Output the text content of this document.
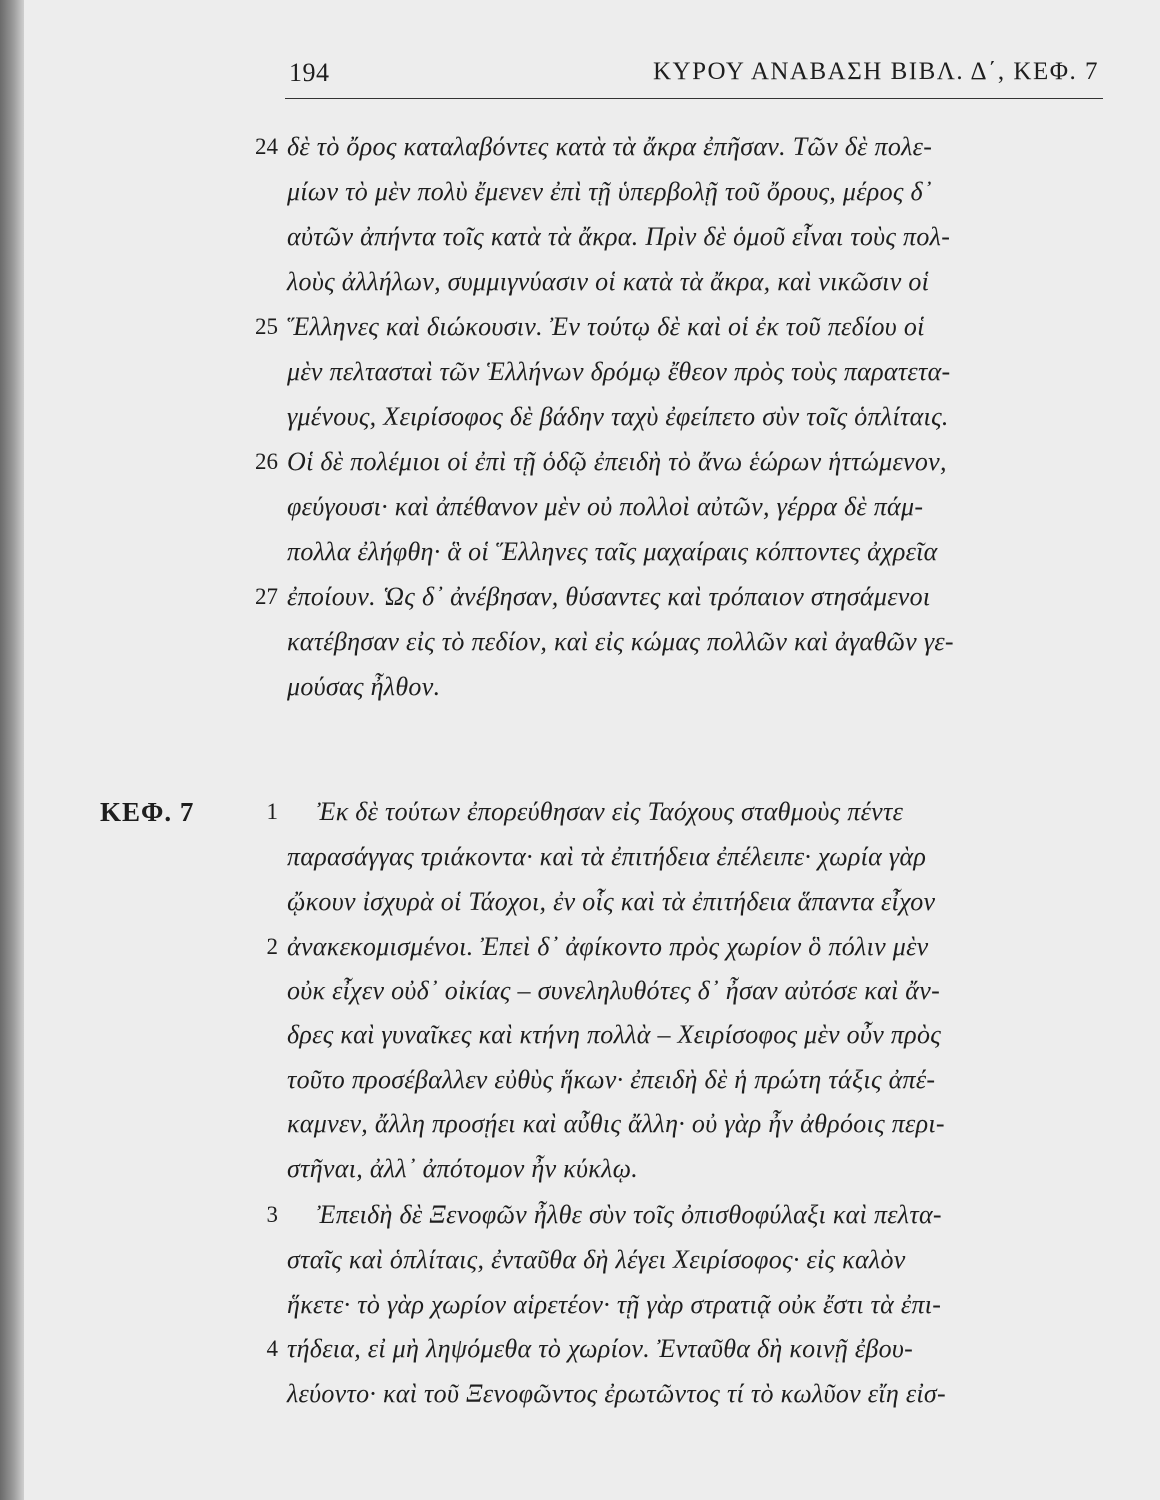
194	ΚΥΡΟΥ ΑΝΑΒΑΣΗ ΒΙΒΛ. Δ΄, ΚΕΦ. 7
ΚΕΦ. 7
24
25
26
27
1
2
3
4
δὲ τὸ ὄρος καταλαβόντες κατὰ τὰ ἄκρα ἐπῆσαν. Τῶν δὲ πολε-
μίων τὸ μὲν πολὺ ἔμενεν ἐπὶ τῇ ὑπερβολῇ τοῦ ὄρους, μέρος δ᾽
αὐτῶν ἀπήντα τοῖς κατὰ τὰ ἄκρα. Πρὶν δὲ ὁμοῦ εἶναι τοὺς πολ-
λοὺς ἀλλήλων, συμμιγνύασιν οἱ κατὰ τὰ ἄκρα, καὶ νικῶσιν οἱ
Ἕλληνες καὶ διώκουσιν. Ἐν τούτῳ δὲ καὶ οἱ ἐκ τοῦ πεδίου οἱ
μὲν πελτασταὶ τῶν Ἑλλήνων δρόμῳ ἔθεον πρὸς τοὺς παρατετα-
γμένους, Χειρίσοφος δὲ βάδην ταχὺ ἐφείπετο σὺν τοῖς ὁπλίταις.
Οἱ δὲ πολέμιοι οἱ ἐπὶ τῇ ὁδῷ ἐπειδὴ τὸ ἄνω ἑώρων ἡττώμενον,
φεύγουσι· καὶ ἀπέθανον μὲν οὐ πολλοὶ αὐτῶν, γέρρα δὲ πάμ-
πολλα ἐλήφθη· ἃ οἱ Ἕλληνες ταῖς μαχαίραις κόπτοντες ἀχρεῖα
ἐποίουν. Ὡς δ᾽ ἀνέβησαν, θύσαντες καὶ τρόπαιον στησάμενοι
κατέβησαν εἰς τὸ πεδίον, καὶ εἰς κώμας πολλῶν καὶ ἀγαθῶν γε-
μούσας ἦλθον.
Ἐκ δὲ τούτων ἐπορεύθησαν εἰς Ταόχους σταθμοὺς πέντε
παρασάγγας τριάκοντα· καὶ τὰ ἐπιτήδεια ἐπέλειπε· χωρία γὰρ
ᾤκουν ἰσχυρὰ οἱ Τάοχοι, ἐν οἷς καὶ τὰ ἐπιτήδεια ἅπαντα εἶχον
ἀνακεκομισμένοι. Ἐπεὶ δ᾽ ἀφίκοντο πρὸς χωρίον ὃ πόλιν μὲν
οὐκ εἶχεν οὐδ᾽ οἰκίας – συνεληλυθότες δ᾽ ἦσαν αὐτόσε καὶ ἄν-
δρες καὶ γυναῖκες καὶ κτήνη πολλὰ – Χειρίσοφος μὲν οὖν πρὸς
τοῦτο προσέβαλλεν εὐθὺς ἥκων· ἐπειδὴ δὲ ἡ πρώτη τάξις ἀπέ-
καμνεν, ἄλλη προσῄει καὶ αὖθις ἄλλη· οὐ γὰρ ἦν ἀθρόοις περι-
στῆναι, ἀλλ᾽ ἀπότομον ἦν κύκλῳ.
Ἐπειδὴ δὲ Ξενοφῶν ἦλθε σὺν τοῖς ὀπισθοφύλαξι καὶ πελτα-
σταῖς καὶ ὁπλίταις, ἐνταῦθα δὴ λέγει Χειρίσοφος· εἰς καλὸν
ἥκετε· τὸ γὰρ χωρίον αἱρετέον· τῇ γὰρ στρατιᾷ οὐκ ἔστι τὰ ἐπι-
τήδεια, εἰ μὴ ληψόμεθα τὸ χωρίον. Ἐνταῦθα δὴ κοινῇ ἐβου-
λεύοντο· καὶ τοῦ Ξενοφῶντος ἐρωτῶντος τί τὸ κωλῦον εἴη εἰσ-
